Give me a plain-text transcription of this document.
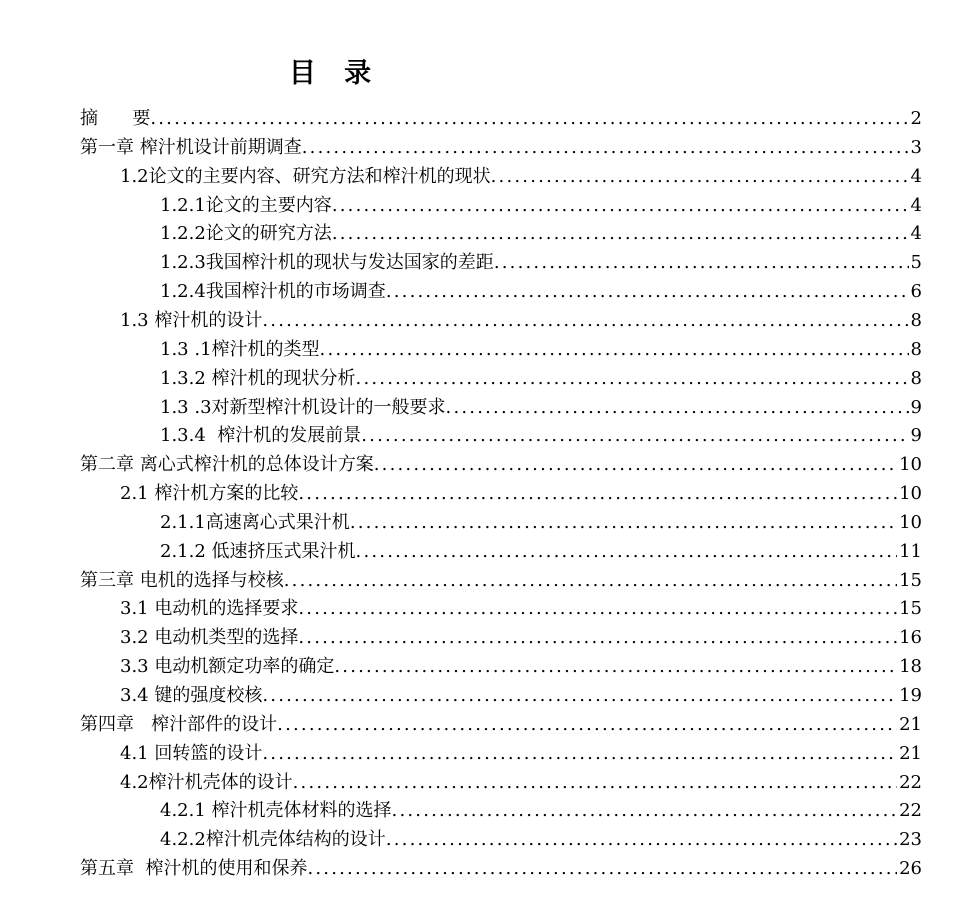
目   录
摘      要 .....	2
第一章 榨汁机设计前期调查 .....	3
1.2论文的主要内容、研究方法和榨汁机的现状 .....	4
1.2.1论文的主要内容 .....	4
1.2.2论文的研究方法 .....	4
1.2.3我国榨汁机的现状与发达国家的差距 .....	5
1.2.4我国榨汁机的市场调查 .....	6
1.3 榨汁机的设计 .....	8
1.3 .1榨汁机的类型 .....	8
1.3.2 榨汁机的现状分析 .....	8
1.3 .3对新型榨汁机设计的一般要求 .....	9
1.3.4  榨汁机的发展前景 .....	9
第二章 离心式榨汁机的总体设计方案 .....	10
2.1 榨汁机方案的比较 .....	10
2.1.1高速离心式果汁机 .....	10
2.1.2 低速挤压式果汁机 .....	11
第三章 电机的选择与校核 .....	15
3.1 电动机的选择要求 .....	15
3.2 电动机类型的选择 .....	16
3.3 电动机额定功率的确定 .....	18
3.4 键的强度校核 .....	19
第四章   榨汁部件的设计 .....	21
4.1 回转篮的设计 .....	21
4.2榨汁机壳体的设计 .....	22
4.2.1 榨汁机壳体材料的选择 .....	22
4.2.2榨汁机壳体结构的设计 .....	23
第五章  榨汁机的使用和保养 .....	26
